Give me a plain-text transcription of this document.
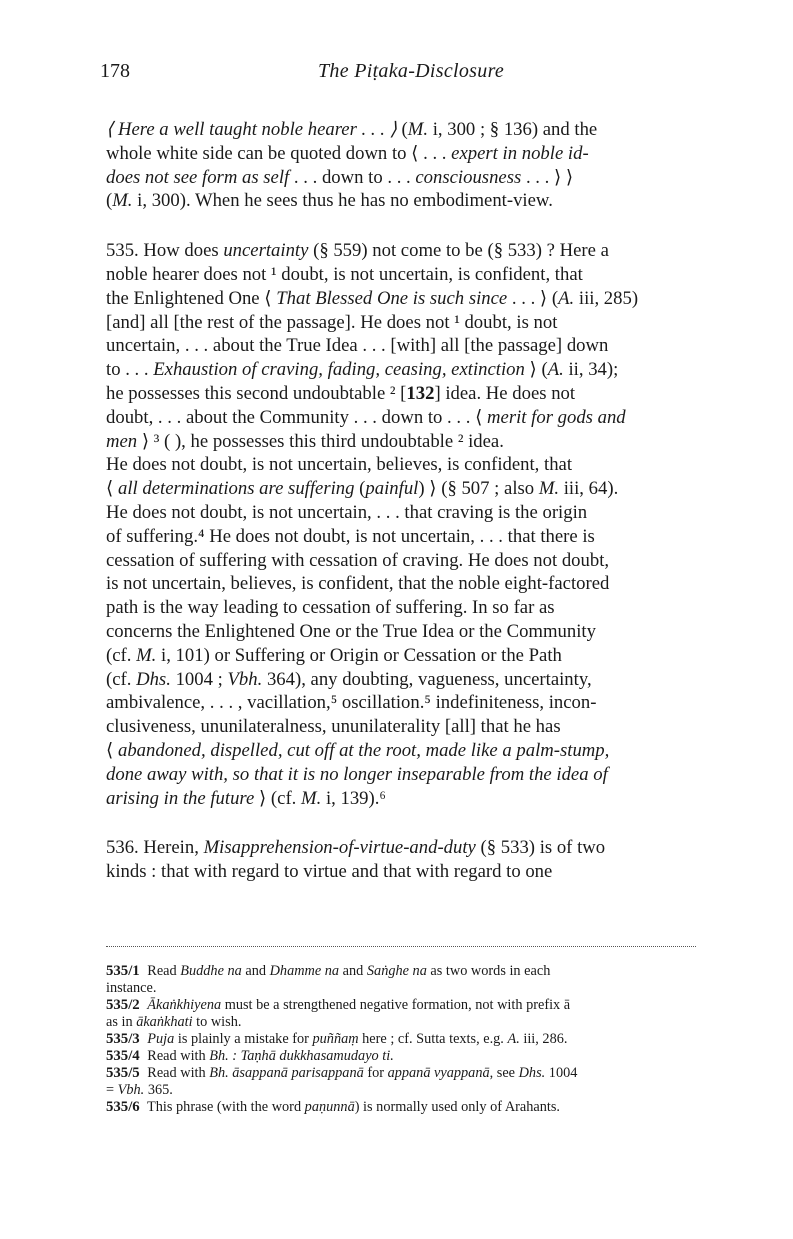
178	The Piṭaka-Disclosure
⟨ Here a well taught noble hearer . . . ⟩ (M. i, 300 ; § 136) and the
whole white side can be quoted down to ⟨ . . . expert in noble id-
does not see form as self . . . down to . . . consciousness . . . ⟩ ⟩
(M. i, 300). When he sees thus he has no embodiment-view.
535. How does uncertainty (§ 559) not come to be (§ 533) ? Here a
noble hearer does not ¹ doubt, is not uncertain, is confident, that
the Enlightened One ⟨ That Blessed One is such since . . . ⟩ (A. iii, 285)
[and] all [the rest of the passage]. He does not ¹ doubt, is not
uncertain, . . . about the True Idea . . . [with] all [the passage] down
to . . . Exhaustion of craving, fading, ceasing, extinction ⟩ (A. ii, 34);
he possesses this second undoubtable ² [132] idea. He does not
doubt, . . . about the Community . . . down to . . . ⟨ merit for gods and
men ⟩ ³ ( ), he possesses this third undoubtable ² idea.
He does not doubt, is not uncertain, believes, is confident, that
⟨ all determinations are suffering (painful) ⟩ (§ 507 ; also M. iii, 64).
He does not doubt, is not uncertain, . . . that craving is the origin
of suffering.⁴ He does not doubt, is not uncertain, . . . that there is
cessation of suffering with cessation of craving. He does not doubt,
is not uncertain, believes, is confident, that the noble eight-factored
path is the way leading to cessation of suffering. In so far as
concerns the Enlightened One or the True Idea or the Community
(cf. M. i, 101) or Suffering or Origin or Cessation or the Path
(cf. Dhs. 1004 ; Vbh. 364), any doubting, vagueness, uncertainty,
ambivalence, . . . , vacillation,⁵ oscillation.⁵ indefiniteness, incon-
clusiveness, ununilateralness, ununilaterality [all] that he has
⟨ abandoned, dispelled, cut off at the root, made like a palm-stump,
done away with, so that it is no longer inseparable from the idea of
arising in the future ⟩ (cf. M. i, 139).⁶
536. Herein, Misapprehension-of-virtue-and-duty (§ 533) is of two
kinds : that with regard to virtue and that with regard to one
535/1 Read Buddhe na and Dhamme na and Saṅghe na as two words in each
instance.
535/2 Ākaṅkhiyena must be a strengthened negative formation, not with prefix ā
as in ākaṅkhati to wish.
535/3 Puja is plainly a mistake for puññaṃ here ; cf. Sutta texts, e.g. A. iii, 286.
535/4 Read with Bh. : Taṇhā dukkhasamudayo ti.
535/5 Read with Bh. āsappanā parisappanā for appanā vyappanā, see Dhs. 1004
= Vbh. 365.
535/6 This phrase (with the word paṇunnā) is normally used only of Arahants.
